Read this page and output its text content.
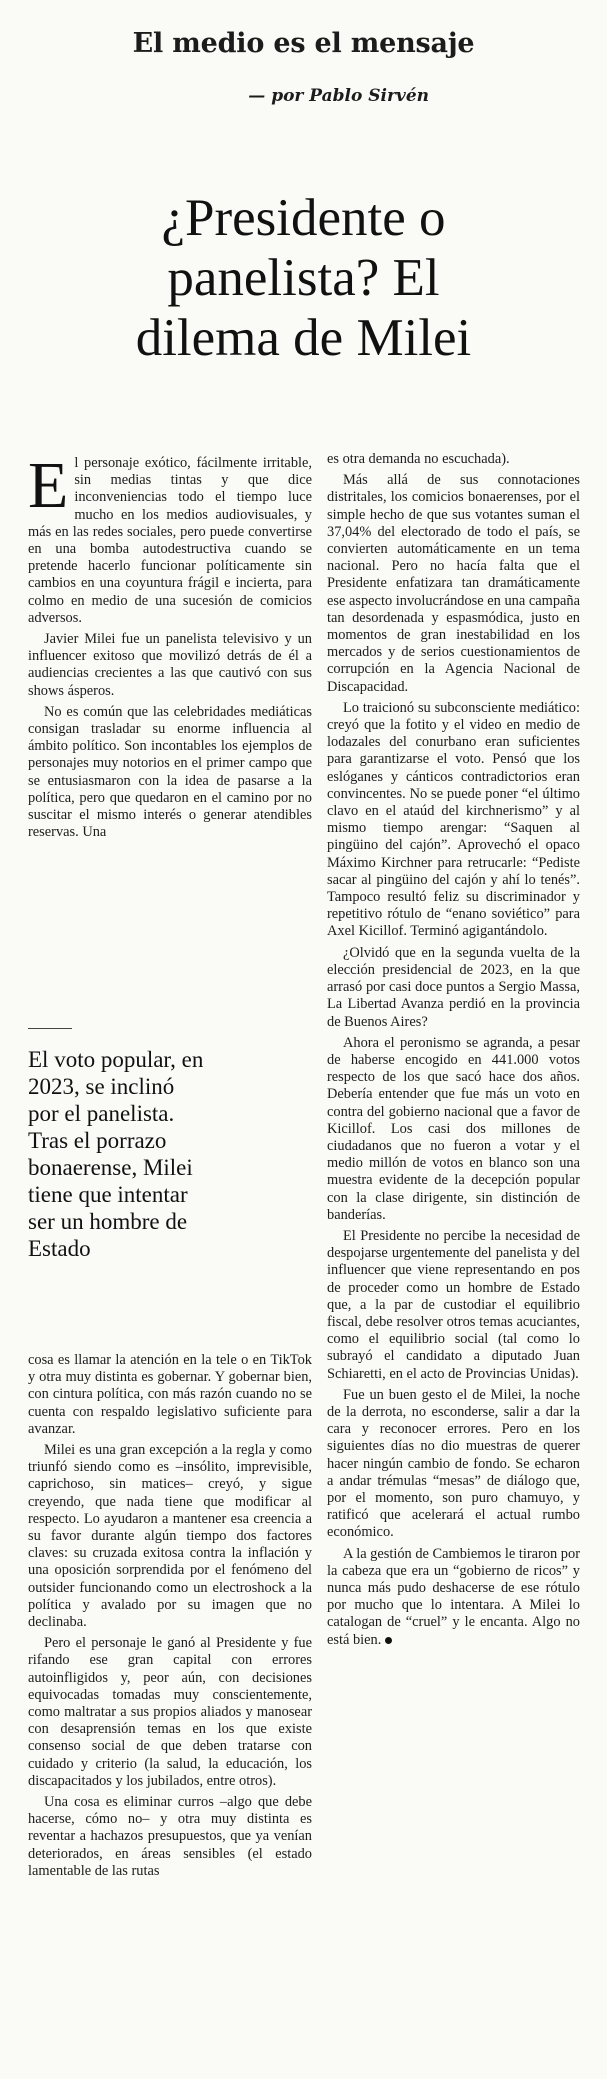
El medio es el mensaje
— por Pablo Sirvén
¿Presidente o
panelista? El
dilema de Milei

El personaje exótico, fácilmente irritable, sin medias tintas y que dice inconveniencias todo el tiempo luce mucho en los medios audiovisuales, y más en las redes sociales, pero puede convertirse en una bomba autodestructiva cuando se pretende hacerlo funcionar políticamente sin cambios en una coyuntura frágil e incierta, para colmo en medio de una sucesión de comicios adversos.

Javier Milei fue un panelista televisivo y un influencer exitoso que movilizó detrás de él a audiencias crecientes a las que cautivó con sus shows ásperos.

No es común que las celebridades mediáticas consigan trasladar su enorme influencia al ámbito político. Son incontables los ejemplos de personajes muy notorios en el primer campo que se entusiasmaron con la idea de pasarse a la política, pero que quedaron en el camino por no suscitar el mismo interés o generar atendibles reservas. Una

El voto popular, en
2023, se inclinó
por el panelista.
Tras el porrazo
bonaerense, Milei
tiene que intentar
ser un hombre de
Estado

cosa es llamar la atención en la tele o en TikTok y otra muy distinta es gobernar. Y gobernar bien, con cintura política, con más razón cuando no se cuenta con respaldo legislativo suficiente para avanzar.

Milei es una gran excepción a la regla y como triunfó siendo como es –insólito, imprevisible, caprichoso, sin matices– creyó, y sigue creyendo, que nada tiene que modificar al respecto. Lo ayudaron a mantener esa creencia a su favor durante algún tiempo dos factores claves: su cruzada exitosa contra la inflación y una oposición sorprendida por el fenómeno del outsider funcionando como un electroshock a la política y avalado por su imagen que no declinaba.

Pero el personaje le ganó al Presidente y fue rifando ese gran capital con errores autoinfligidos y, peor aún, con decisiones equivocadas tomadas muy conscientemente, como maltratar a sus propios aliados y manosear con desaprensión temas en los que existe consenso social de que deben tratarse con cuidado y criterio (la salud, la educación, los discapacitados y los jubilados, entre otros).

Una cosa es eliminar curros –algo que debe hacerse, cómo no– y otra muy distinta es reventar a hachazos presupuestos, que ya venían deteriorados, en áreas sensibles (el estado lamentable de las rutas

es otra demanda no escuchada).

Más allá de sus connotaciones distritales, los comicios bonaerenses, por el simple hecho de que sus votantes suman el 37,04% del electorado de todo el país, se convierten automáticamente en un tema nacional. Pero no hacía falta que el Presidente enfatizara tan dramáticamente ese aspecto involucrándose en una campaña tan desordenada y espasmódica, justo en momentos de gran inestabilidad en los mercados y de serios cuestionamientos de corrupción en la Agencia Nacional de Discapacidad.

Lo traicionó su subconsciente mediático: creyó que la fotito y el video en medio de lodazales del conurbano eran suficientes para garantizarse el voto. Pensó que los eslóganes y cánticos contradictorios eran convincentes. No se puede poner “el último clavo en el ataúd del kirchnerismo” y al mismo tiempo arengar: “Saquen al pingüino del cajón”. Aprovechó el opaco Máximo Kirchner para retrucarle: “Pediste sacar al pingüino del cajón y ahí lo tenés”. Tampoco resultó feliz su discriminador y repetitivo rótulo de “enano soviético” para Axel Kicillof. Terminó agigantándolo.

¿Olvidó que en la segunda vuelta de la elección presidencial de 2023, en la que arrasó por casi doce puntos a Sergio Massa, La Libertad Avanza perdió en la provincia de Buenos Aires?

Ahora el peronismo se agranda, a pesar de haberse encogido en 441.000 votos respecto de los que sacó hace dos años. Debería entender que fue más un voto en contra del gobierno nacional que a favor de Kicillof. Los casi dos millones de ciudadanos que no fueron a votar y el medio millón de votos en blanco son una muestra evidente de la decepción popular con la clase dirigente, sin distinción de banderías.

El Presidente no percibe la necesidad de despojarse urgentemente del panelista y del influencer que viene representando en pos de proceder como un hombre de Estado que, a la par de custodiar el equilibrio fiscal, debe resolver otros temas acuciantes, como el equilibrio social (tal como lo subrayó el candidato a diputado Juan Schiaretti, en el acto de Provincias Unidas).

Fue un buen gesto el de Milei, la noche de la derrota, no esconderse, salir a dar la cara y reconocer errores. Pero en los siguientes días no dio muestras de querer hacer ningún cambio de fondo. Se echaron a andar trémulas “mesas” de diálogo que, por el momento, son puro chamuyo, y ratificó que acelerará el actual rumbo económico.

A la gestión de Cambiemos le tiraron por la cabeza que era un “gobierno de ricos” y nunca más pudo deshacerse de ese rótulo por mucho que lo intentara. A Milei lo catalogan de “cruel” y le encanta. Algo no está bien.
